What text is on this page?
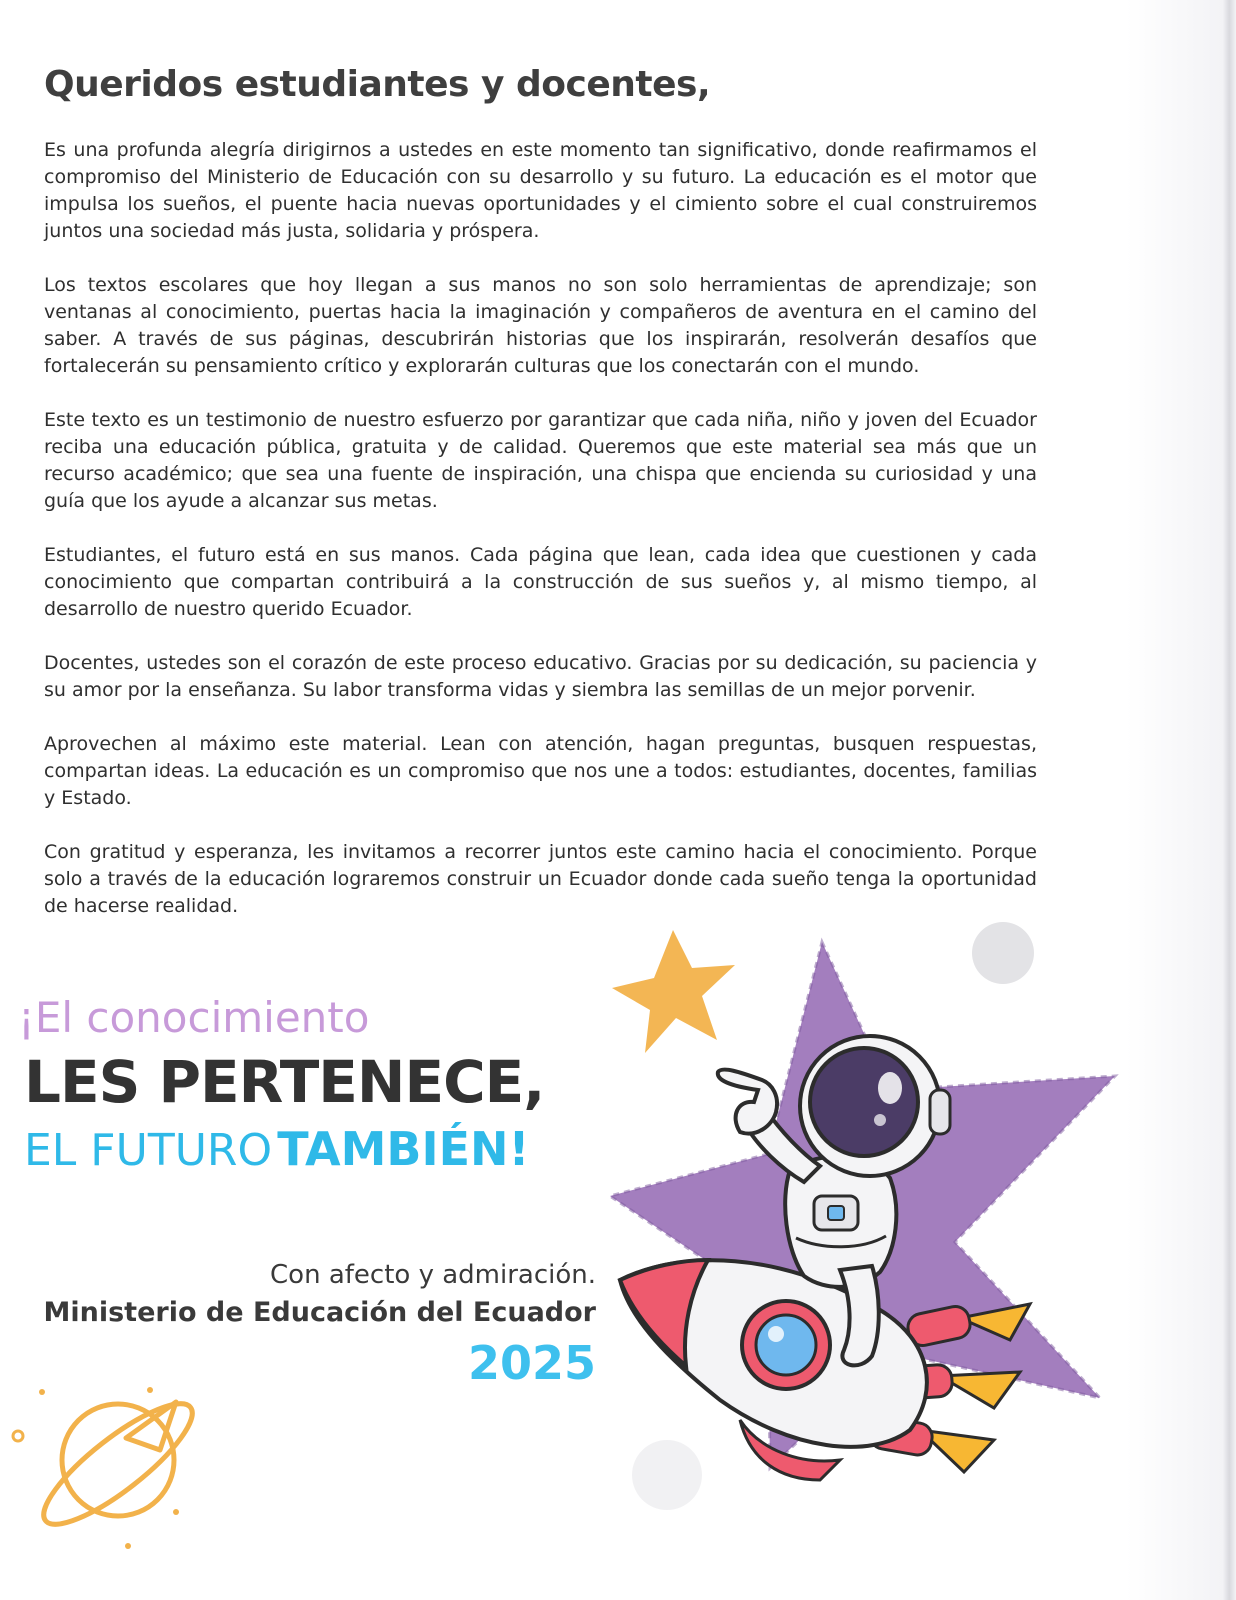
Queridos estudiantes y docentes,

Es una profunda alegría dirigirnos a ustedes en este momento tan significativo, donde reafirmamos el compromiso del Ministerio de Educación con su desarrollo y su futuro. La educación es el motor que impulsa los sueños, el puente hacia nuevas oportunidades y el cimiento sobre el cual construiremos juntos una sociedad más justa, solidaria y próspera.

Los textos escolares que hoy llegan a sus manos no son solo herramientas de aprendizaje; son ventanas al conocimiento, puertas hacia la imaginación y compañeros de aventura en el camino del saber. A través de sus páginas, descubrirán historias que los inspirarán, resolverán desafíos que fortalecerán su pensamiento crítico y explorarán culturas que los conectarán con el mundo.

Este texto es un testimonio de nuestro esfuerzo por garantizar que cada niña, niño y joven del Ecuador reciba una educación pública, gratuita y de calidad. Queremos que este material sea más que un recurso académico; que sea una fuente de inspiración, una chispa que encienda su curiosidad y una guía que los ayude a alcanzar sus metas.

Estudiantes, el futuro está en sus manos. Cada página que lean, cada idea que cuestionen y cada conocimiento que compartan contribuirá a la construcción de sus sueños y, al mismo tiempo, al desarrollo de nuestro querido Ecuador.

Docentes, ustedes son el corazón de este proceso educativo. Gracias por su dedicación, su paciencia y su amor por la enseñanza. Su labor transforma vidas y siembra las semillas de un mejor porvenir.

Aprovechen al máximo este material. Lean con atención, hagan preguntas, busquen respuestas, compartan ideas. La educación es un compromiso que nos une a todos: estudiantes, docentes, familias y Estado.

Con gratitud y esperanza, les invitamos a recorrer juntos este camino hacia el conocimiento. Porque solo a través de la educación lograremos construir un Ecuador donde cada sueño tenga la oportunidad de hacerse realidad.

¡El conocimiento
LES PERTENECE,
EL FUTURO TAMBIÉN!
Con afecto y admiración.
Ministerio de Educación del Ecuador
2025
